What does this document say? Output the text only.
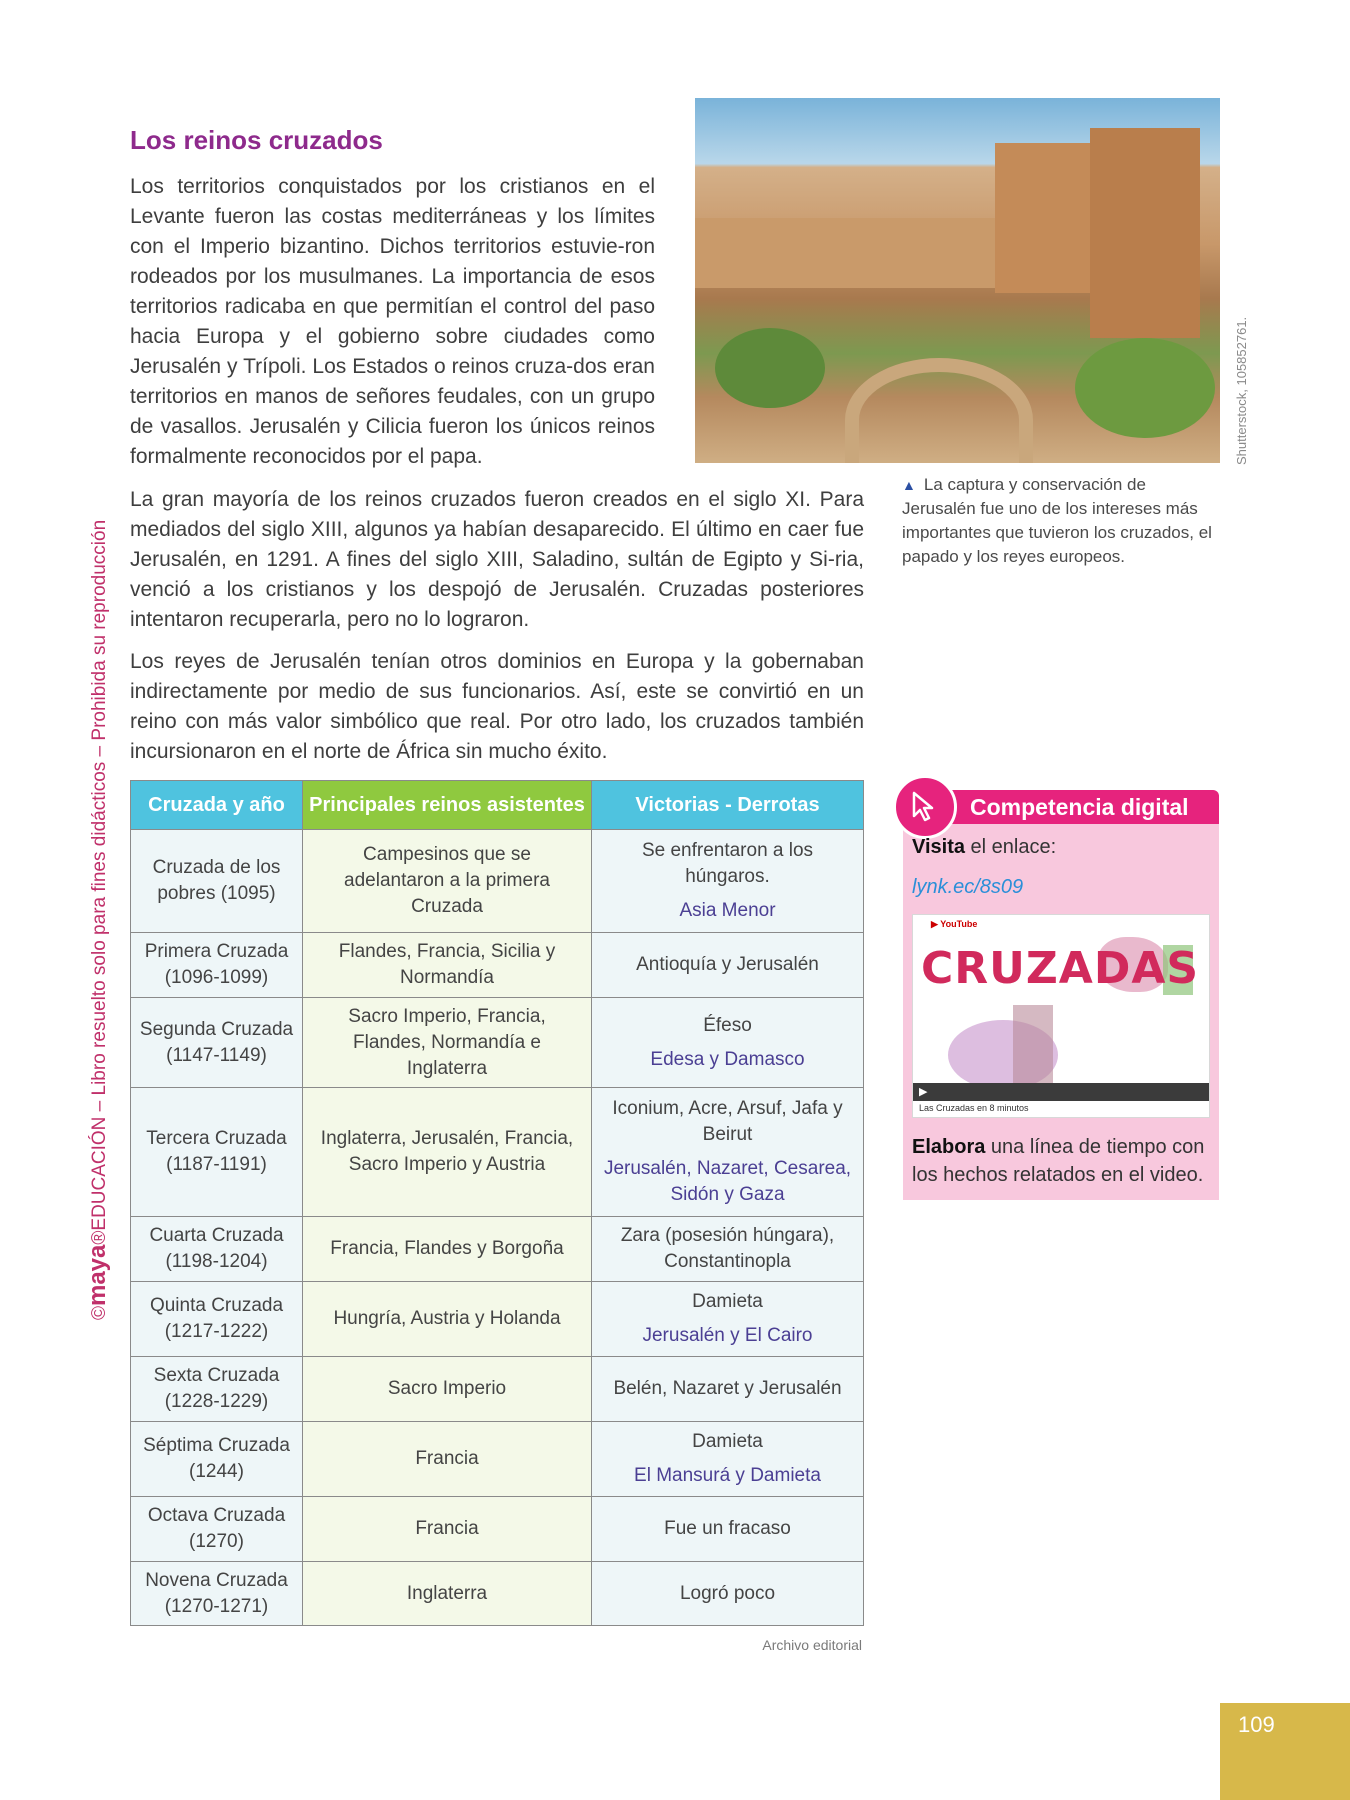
©maya®EDUCACIÓN – Libro resuelto solo para fines didácticos – Prohibida su reproducción
Los reinos cruzados

Los territorios conquistados por los cristianos en el Levante fueron las costas mediterráneas y los límites con el Imperio bizantino. Dichos territorios estuvie-ron rodeados por los musulmanes. La importancia de esos territorios radicaba en que permitían el control del paso hacia Europa y el gobierno sobre ciudades como Jerusalén y Trípoli. Los Estados o reinos cruza-dos eran territorios en manos de señores feudales, con un grupo de vasallos. Jerusalén y Cilicia fueron los únicos reinos formalmente reconocidos por el papa.

La gran mayoría de los reinos cruzados fueron creados en el siglo XI. Para mediados del siglo XIII, algunos ya habían desaparecido. El último en caer fue Jerusalén, en 1291. A fines del siglo XIII, Saladino, sultán de Egipto y Si-ria, venció a los cristianos y los despojó de Jerusalén. Cruzadas posteriores intentaron recuperarla, pero no lo lograron.

Los reyes de Jerusalén tenían otros dominios en Europa y la gobernaban indirectamente por medio de sus funcionarios. Así, este se convirtió en un reino con más valor simbólico que real. Por otro lado, los cruzados también incursionaron en el norte de África sin mucho éxito.

Shutterstock, 105852761.

▲ La captura y conservación de Jerusalén fue uno de los intereses más importantes que tuvieron los cruzados, el papado y los reyes europeos.

Cruzada y año	Principales reinos asistentes	Victorias - Derrotas
Cruzada de los pobres (1095)	Campesinos que se adelantaron a la primera Cruzada	Se enfrentaron a los húngaros.
Asia Menor

Primera Cruzada (1096-1099)	Flandes, Francia, Sicilia y Normandía	Antioquía y Jerusalén

Segunda Cruzada (1147-1149)	Sacro Imperio, Francia, Flandes, Normandía e Inglaterra	Éfeso
Edesa y Damasco

Tercera Cruzada (1187-1191)	Inglaterra, Jerusalén, Francia, Sacro Imperio y Austria	Iconium, Acre, Arsuf, Jafa y Beirut
Jerusalén, Nazaret, Cesarea, Sidón y Gaza

Cuarta Cruzada (1198-1204)	Francia, Flandes y Borgoña	Zara (posesión húngara), Constantinopla

Quinta Cruzada (1217-1222)	Hungría, Austria y Holanda	Damieta
Jerusalén y El Cairo

Sexta Cruzada (1228-1229)	Sacro Imperio	Belén, Nazaret y Jerusalén

Séptima Cruzada (1244)	Francia	Damieta
El Mansurá y Damieta

Octava Cruzada (1270)	Francia	Fue un fracaso

Novena Cruzada (1270-1271)	Inglaterra	Logró poco
Archivo editorial
Competencia digital
Visita el enlace:
lynk.ec/8s09
▶ YouTube
CRUZADAS
▶
Las Cruzadas en 8 minutos

Elabora una línea de tiempo con los hechos relatados en el video.

109
